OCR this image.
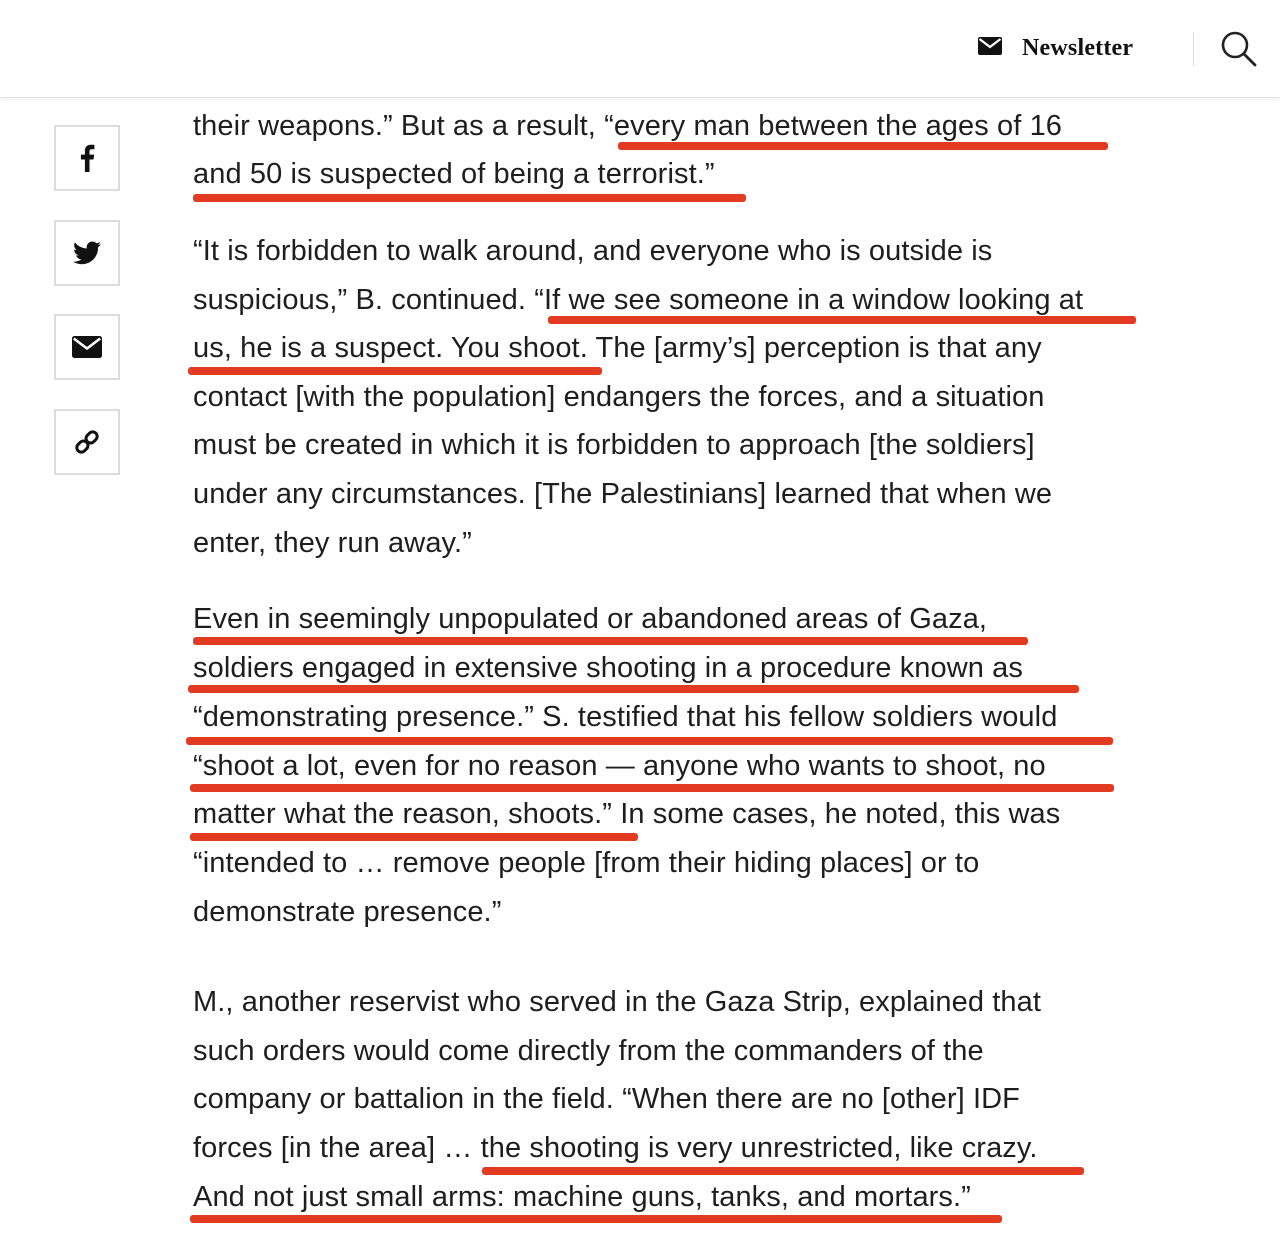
Newsletter
their weapons.” But as a result, “every man between the ages of 16
and 50 is suspected of being a terrorist.”
“It is forbidden to walk around, and everyone who is outside is
suspicious,” B. continued. “If we see someone in a window looking at
us, he is a suspect. You shoot. The [army’s] perception is that any
contact [with the population] endangers the forces, and a situation
must be created in which it is forbidden to approach [the soldiers]
under any circumstances. [The Palestinians] learned that when we
enter, they run away.”
Even in seemingly unpopulated or abandoned areas of Gaza,
soldiers engaged in extensive shooting in a procedure known as
“demonstrating presence.” S. testified that his fellow soldiers would
“shoot a lot, even for no reason — anyone who wants to shoot, no
matter what the reason, shoots.” In some cases, he noted, this was
“intended to … remove people [from their hiding places] or to
demonstrate presence.”
M., another reservist who served in the Gaza Strip, explained that
such orders would come directly from the commanders of the
company or battalion in the field. “When there are no [other] IDF
forces [in the area] … the shooting is very unrestricted, like crazy.
And not just small arms: machine guns, tanks, and mortars.”
